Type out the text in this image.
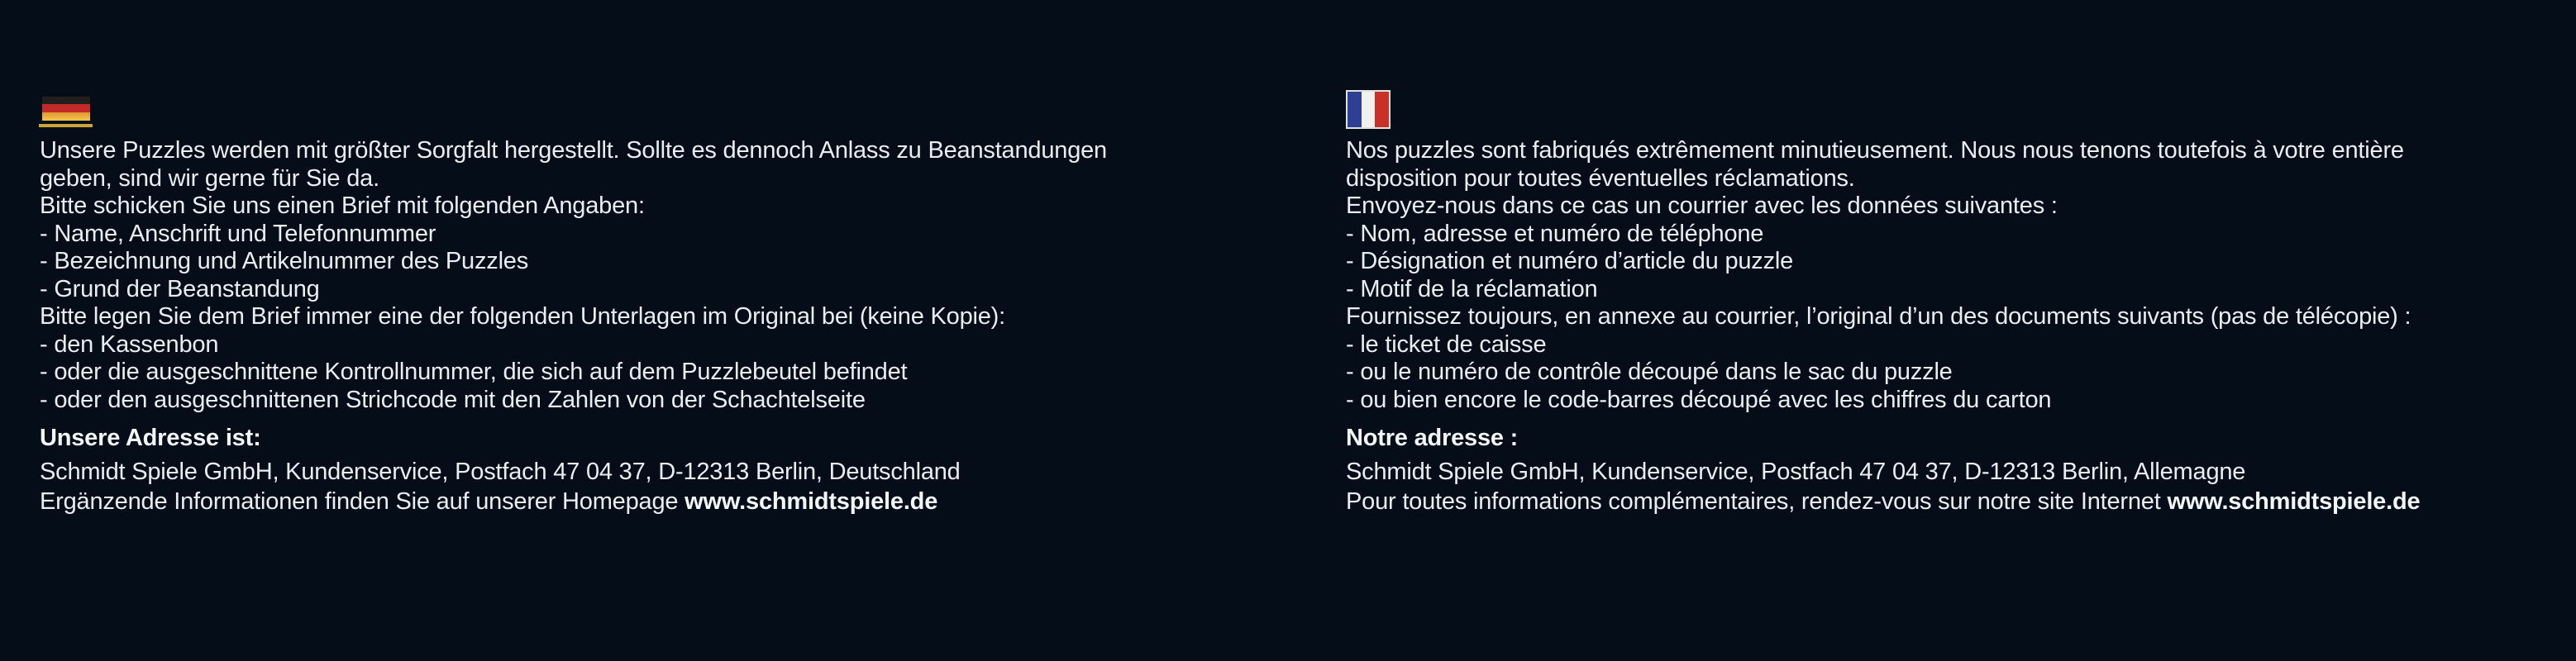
Unsere Puzzles werden mit größter Sorgfalt hergestellt. Sollte es dennoch Anlass zu Beanstandungen
geben, sind wir gerne für Sie da.
Bitte schicken Sie uns einen Brief mit folgenden Angaben:
- Name, Anschrift und Telefonnummer
- Bezeichnung und Artikelnummer des Puzzles
- Grund der Beanstandung
Bitte legen Sie dem Brief immer eine der folgenden Unterlagen im Original bei (keine Kopie):
- den Kassenbon
- oder die ausgeschnittene Kontrollnummer, die sich auf dem Puzzlebeutel befindet
- oder den ausgeschnittenen Strichcode mit den Zahlen von der Schachtelseite
Unsere Adresse ist:
Schmidt Spiele GmbH, Kundenservice, Postfach 47 04 37, D-12313 Berlin, Deutschland
Ergänzende Informationen finden Sie auf unserer Homepage www.schmidtspiele.de
Nos puzzles sont fabriqués extrêmement minutieusement. Nous nous tenons toutefois à votre entière
disposition pour toutes éventuelles réclamations.
Envoyez-nous dans ce cas un courrier avec les données suivantes :
- Nom, adresse et numéro de téléphone
- Désignation et numéro d’article du puzzle
- Motif de la réclamation
Fournissez toujours, en annexe au courrier, l’original d’un des documents suivants (pas de télécopie) :
- le ticket de caisse
- ou le numéro de contrôle découpé dans le sac du puzzle
- ou bien encore le code-barres découpé avec les chiffres du carton
Notre adresse :
Schmidt Spiele GmbH, Kundenservice, Postfach 47 04 37, D-12313 Berlin, Allemagne
Pour toutes informations complémentaires, rendez-vous sur notre site Internet www.schmidtspiele.de
